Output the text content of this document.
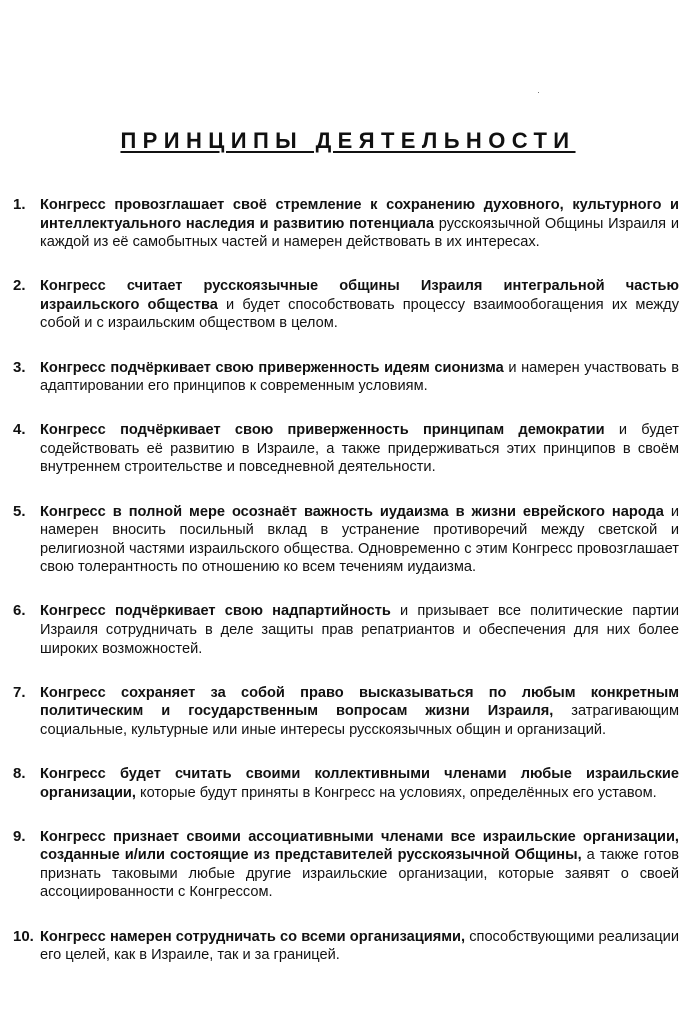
ПРИНЦИПЫ ДЕЯТЕЛЬНОСТИ
1. Конгресс провозглашает своё стремление к сохранению духовного, культурного и интеллектуального наследия и развитию потенциала русскоязычной Общины Израиля и каждой из её самобытных частей и намерен действовать в их интересах.
2. Конгресс считает русскоязычные общины Израиля интегральной частью израильского общества и будет способствовать процессу взаимообогащения их между собой и с израильским обществом в целом.
3. Конгресс подчёркивает свою приверженность идеям сионизма и намерен участвовать в адаптировании его принципов к современным условиям.
4. Конгресс подчёркивает свою приверженность принципам демократии и будет содействовать её развитию в Израиле, а также придерживаться этих принципов в своём внутреннем строительстве и повседневной деятельности.
5. Конгресс в полной мере осознаёт важность иудаизма в жизни еврейского народа и намерен вносить посильный вклад в устранение противоречий между светской и религиозной частями израильского общества. Одновременно с этим Конгресс провозглашает свою толерантность по отношению ко всем течениям иудаизма.
6. Конгресс подчёркивает свою надпартийность и призывает все политические партии Израиля сотрудничать в деле защиты прав репатриантов и обеспечения для них более широких возможностей.
7. Конгресс сохраняет за собой право высказываться по любым конкретным политическим и государственным вопросам жизни Израиля, затрагивающим социальные, культурные или иные интересы русскоязычных общин и организаций.
8. Конгресс будет считать своими коллективными членами любые израильские организации, которые будут приняты в Конгресс на условиях, определённых его уставом.
9. Конгресс признает своими ассоциативными членами все израильские организации, созданные и/или состоящие из представителей русскоязычной Общины, а также готов признать таковыми любые другие израильские организации, которые заявят о своей ассоциированности с Конгрессом.
10. Конгресс намерен сотрудничать со всеми организациями, способствующими реализации его целей, как в Израиле, так и за границей.
